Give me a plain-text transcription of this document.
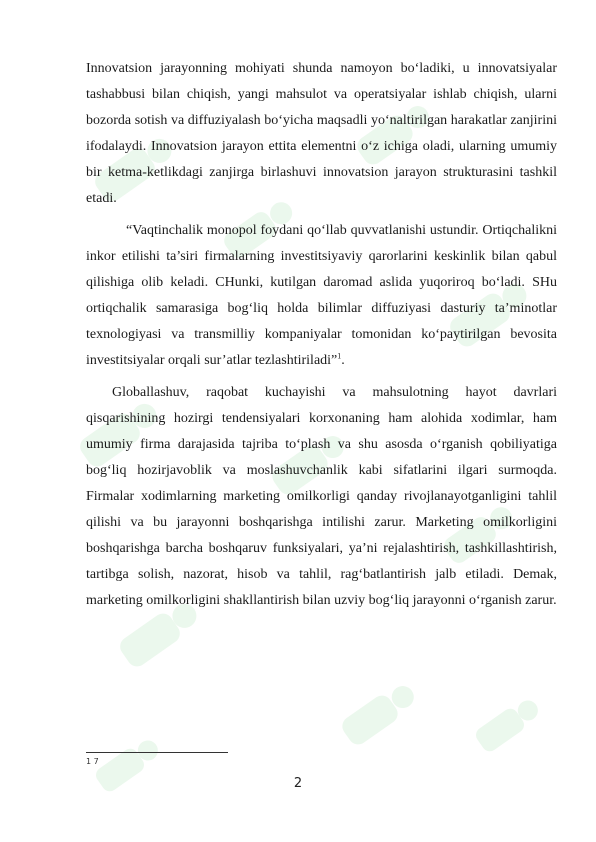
Innovatsion jarayonning mohiyati shunda namoyon bo‘ladiki, u innovatsiyalar tashabbusi bilan chiqish, yangi mahsulot va operatsiyalar ishlab chiqish, ularni bozorda sotish va diffuziyalash bo‘yicha maqsadli yo‘naltirilgan harakatlar zanjirini ifodalaydi. Innovatsion jarayon ettita elementni o‘z ichiga oladi, ularning umumiy bir ketma-ketlikdagi zanjirga birlashuvi innovatsion jarayon strukturasini tashkil etadi.

“Vaqtinchalik monopol foydani qo‘llab quvvatlanishi ustundir. Ortiqchalikni inkor etilishi ta’siri firmalarning investitsiyaviy qarorlarini keskinlik bilan qabul qilishiga olib keladi. CHunki, kutilgan daromad aslida yuqoriroq bo‘ladi. SHu ortiqchalik samarasiga bog‘liq holda bilimlar diffuziyasi dasturiy ta’minotlar texnologiyasi va transmilliy kompaniyalar tomonidan ko‘paytirilgan bevosita investitsiyalar orqali sur’atlar tezlashtiriladi”$^1$.

Globallashuv, raqobat kuchayishi va mahsulotning hayot davrlari qisqarishining hozirgi tendensiyalari korxonaning ham alohida xodimlar, ham umumiy firma darajasida tajriba to‘plash va shu asosda o‘rganish qobiliyatiga bog‘liq hozirjavoblik va moslashuvchanlik kabi sifatlarini ilgari surmoqda. Firmalar xodimlarning marketing omilkorligi qanday rivojlanayotganligini tahlil qilishi va bu jarayonni boshqarishga intilishi zarur. Marketing omilkorligini boshqarishga barcha boshqaruv funksiyalari, ya’ni rejalashtirish, tashkillashtirish, tartibga solish, nazorat, hisob va tahlil, rag‘batlantirish jalb etiladi. Demak, marketing omilkorligini shakllantirish bilan uzviy bog‘liq jarayonni o‘rganish zarur.

1 7
2
